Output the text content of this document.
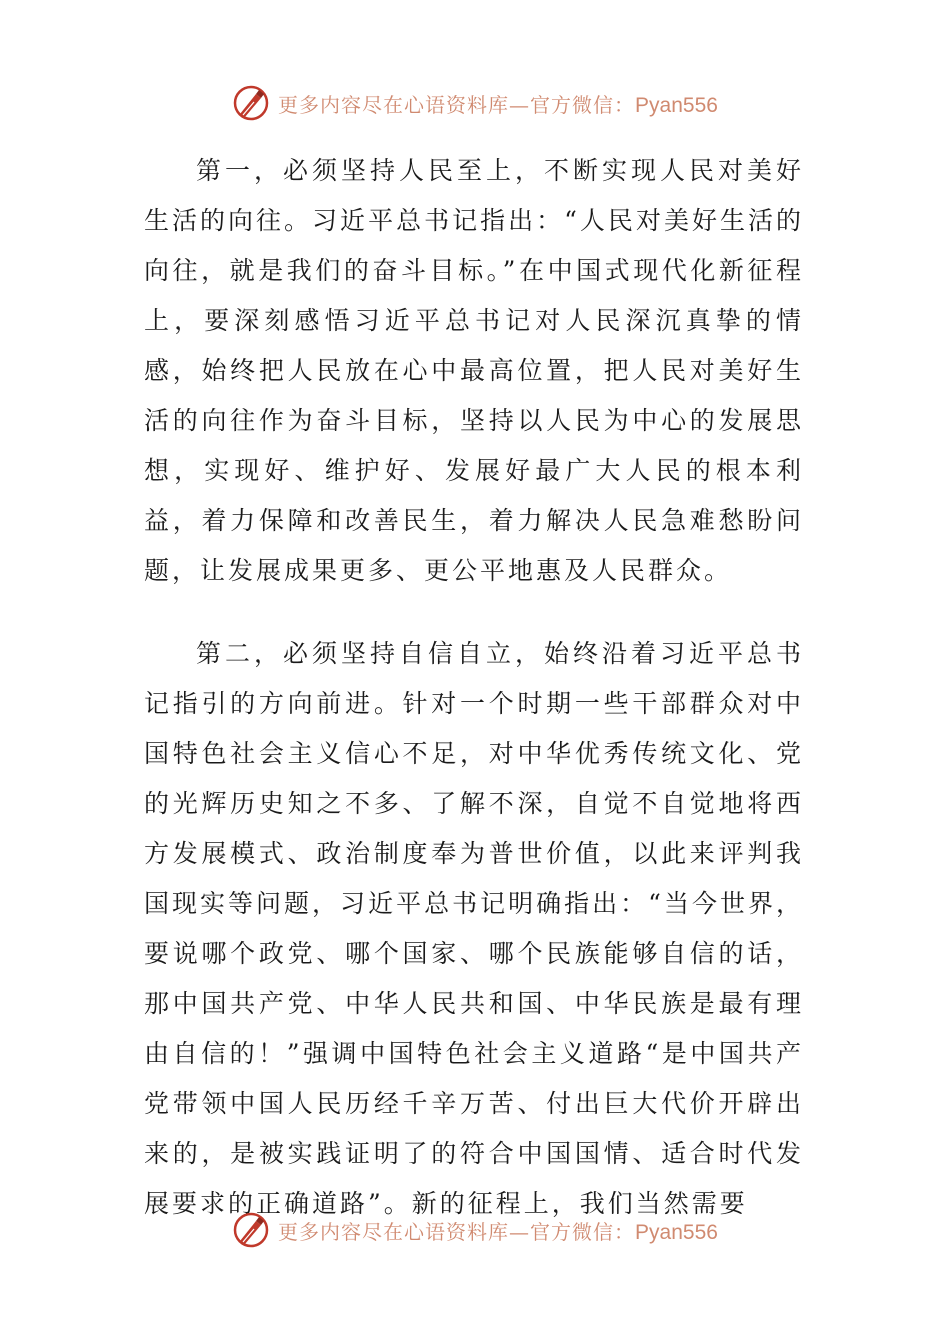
更多内容尽在心语资料库—官方微信：Pyan556

第一，必须坚持人民至上，不断实现人民对美好生活的向往。习近平总书记指出：“人民对美好生活的向往，就是我们的奋斗目标。”在中国式现代化新征程上，要深刻感悟习近平总书记对人民深沉真挚的情感，始终把人民放在心中最高位置，把人民对美好生活的向往作为奋斗目标，坚持以人民为中心的发展思想，实现好、维护好、发展好最广大人民的根本利益，着力保障和改善民生，着力解决人民急难愁盼问题，让发展成果更多、更公平地惠及人民群众。

第二，必须坚持自信自立，始终沿着习近平总书记指引的方向前进。针对一个时期一些干部群众对中国特色社会主义信心不足，对中华优秀传统文化、党的光辉历史知之不多、了解不深，自觉不自觉地将西方发展模式、政治制度奉为普世价值，以此来评判我国现实等问题，习近平总书记明确指出：“当今世界，要说哪个政党、哪个国家、哪个民族能够自信的话，那中国共产党、中华人民共和国、中华民族是最有理由自信的！”强调中国特色社会主义道路“是中国共产党带领中国人民历经千辛万苦、付出巨大代价开辟出来的，是被实践证明了的符合中国国情、适合时代发展要求的正确道路”。新的征程上，我们当然需要

更多内容尽在心语资料库—官方微信：Pyan556
